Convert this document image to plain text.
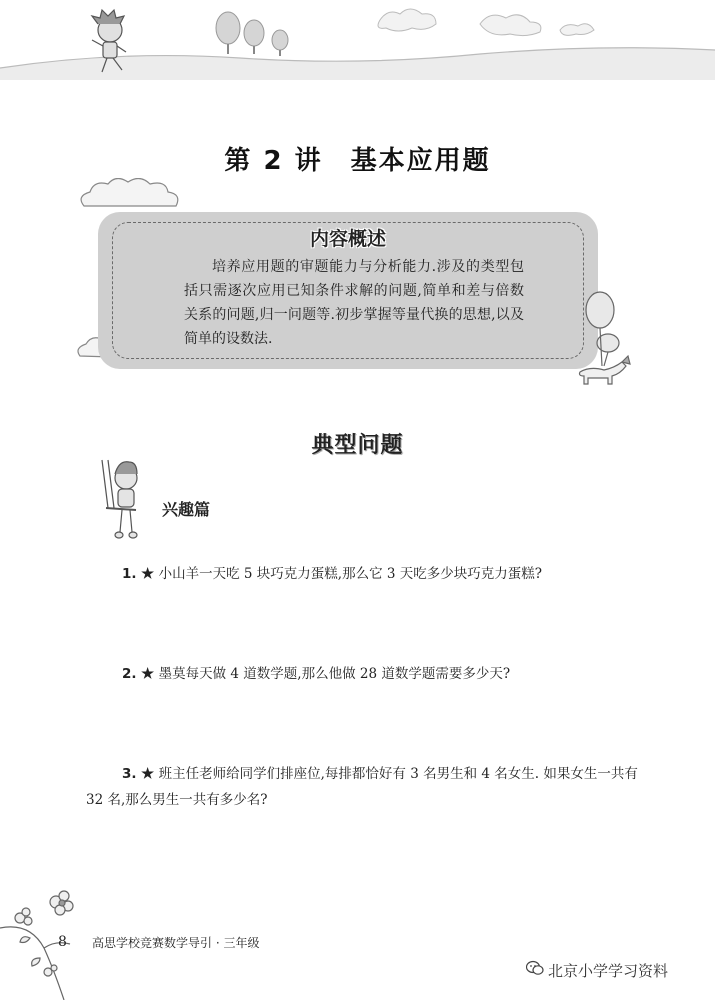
第 2 讲 基本应用题
内容概述
培养应用题的审题能力与分析能力.涉及的类型包括只需逐次应用已知条件求解的问题,简单和差与倍数关系的问题,归一问题等.初步掌握等量代换的思想,以及简单的设数法.
典型问题
兴趣篇
1. ★ 小山羊一天吃 5 块巧克力蛋糕,那么它 3 天吃多少块巧克力蛋糕?
2. ★ 墨莫每天做 4 道数学题,那么他做 28 道数学题需要多少天?
3. ★ 班主任老师给同学们排座位,每排都恰好有 3 名男生和 4 名女生. 如果女生一共有
32 名,那么男生一共有多少名?
8 高思学校竞赛数学导引 · 三年级
北京小学学习资料
